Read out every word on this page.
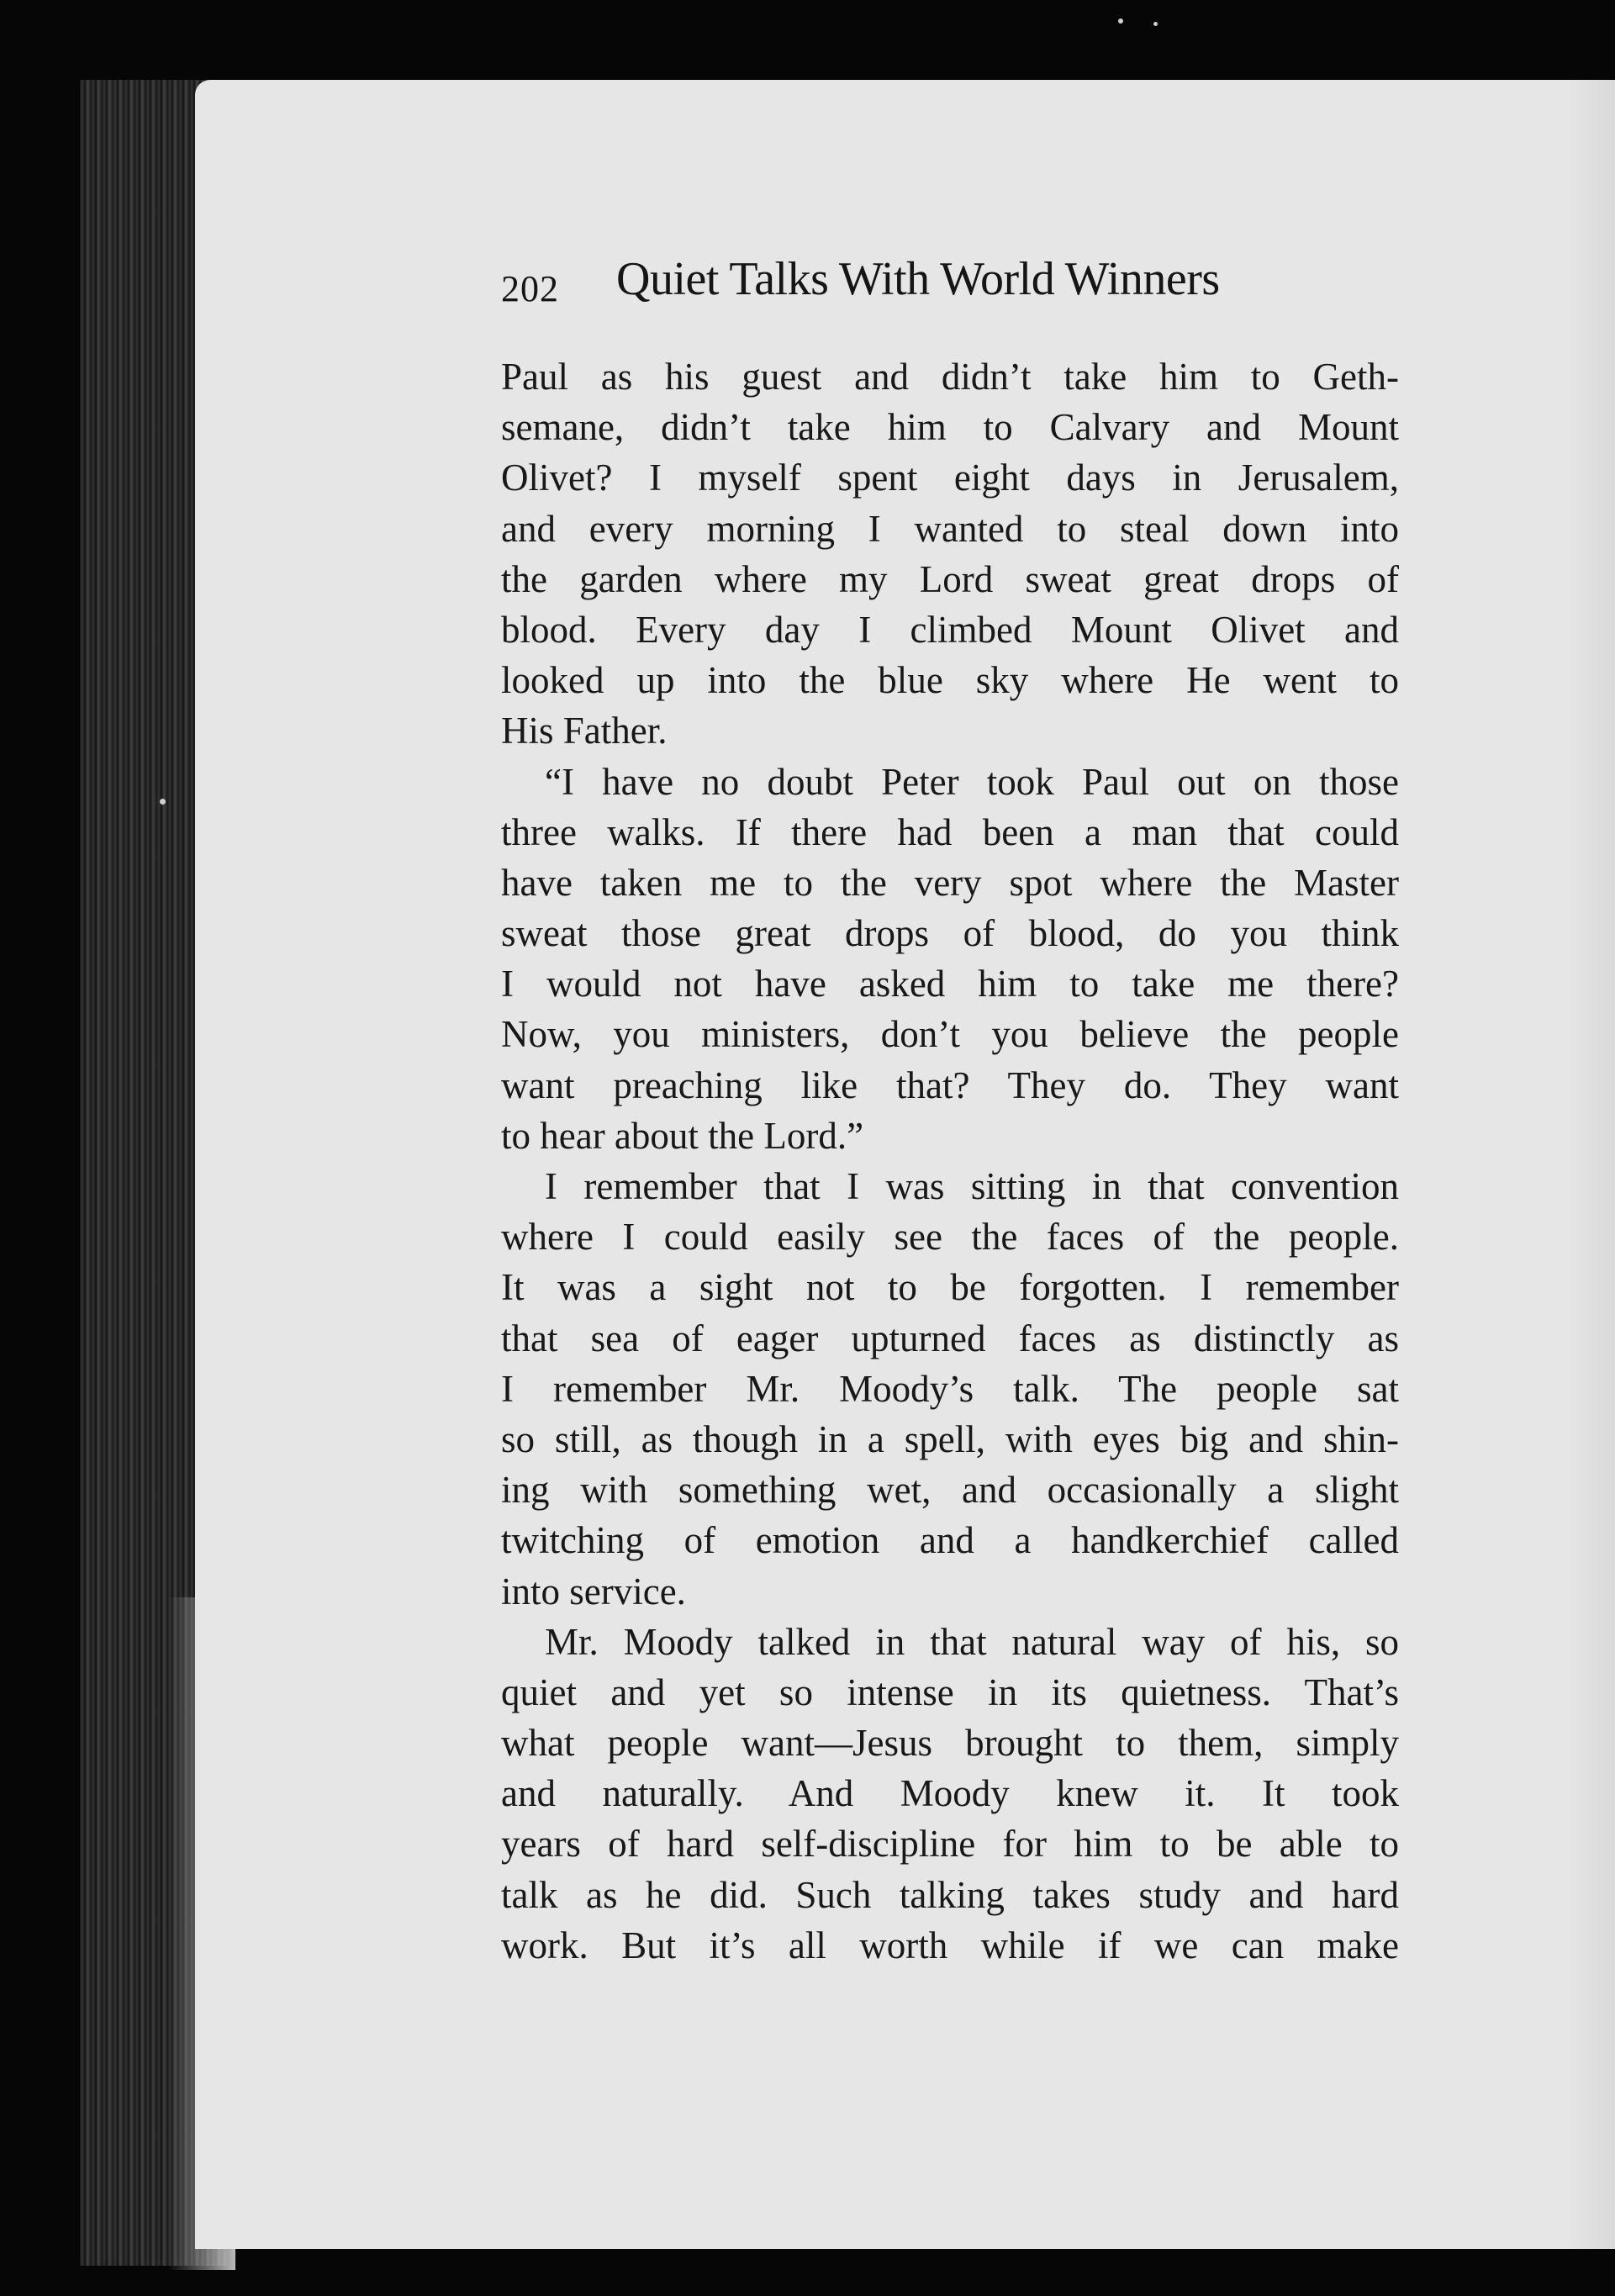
202 Quiet Talks With World Winners
Paul as his guest and didn’t take him to Geth-
semane, didn’t take him to Calvary and Mount
Olivet? I myself spent eight days in Jerusalem,
and every morning I wanted to steal down into
the garden where my Lord sweat great drops of
blood. Every day I climbed Mount Olivet and
looked up into the blue sky where He went to
His Father.
“I have no doubt Peter took Paul out on those
three walks. If there had been a man that could
have taken me to the very spot where the Master
sweat those great drops of blood, do you think
I would not have asked him to take me there?
Now, you ministers, don’t you believe the people
want preaching like that? They do. They want
to hear about the Lord.”
I remember that I was sitting in that convention
where I could easily see the faces of the people.
It was a sight not to be forgotten. I remember
that sea of eager upturned faces as distinctly as
I remember Mr. Moody’s talk. The people sat
so still, as though in a spell, with eyes big and shin-
ing with something wet, and occasionally a slight
twitching of emotion and a handkerchief called
into service.
Mr. Moody talked in that natural way of his, so
quiet and yet so intense in its quietness. That’s
what people want—Jesus brought to them, simply
and naturally. And Moody knew it. It took
years of hard self-discipline for him to be able to
talk as he did. Such talking takes study and hard
work. But it’s all worth while if we can make
